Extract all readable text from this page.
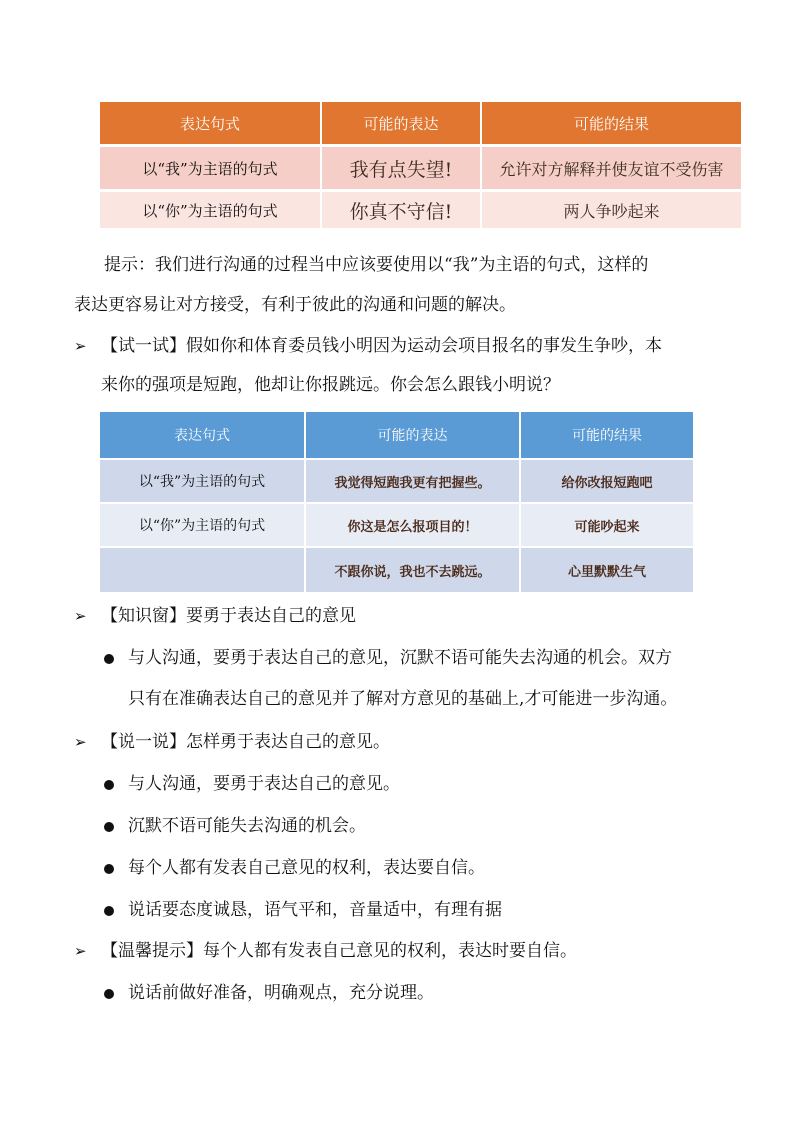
表达句式	可能的表达	可能的结果
以“我”为主语的句式	我有点失望!	允许对方解释并使友谊不受伤害
以“你”为主语的句式	你真不守信!	两人争吵起来
提示：我们进行沟通的过程当中应该要使用以“我”为主语的句式，这样的
表达更容易让对方接受，有利于彼此的沟通和问题的解决。
➢ 【试一试】假如你和体育委员钱小明因为运动会项目报名的事发生争吵，本
来你的强项是短跑，他却让你报跳远。你会怎么跟钱小明说？
表达句式	可能的表达	可能的结果
以“我”为主语的句式	我觉得短跑我更有把握些。	给你改报短跑吧
以“你”为主语的句式	你这是怎么报项目的！	可能吵起来
	不跟你说，我也不去跳远。	心里默默生气
➢ 【知识窗】要勇于表达自己的意见
与人沟通，要勇于表达自己的意见，沉默不语可能失去沟通的机会。双方
只有在准确表达自己的意见并了解对方意见的基础上,才可能进一步沟通。
➢ 【说一说】怎样勇于表达自己的意见。
与人沟通，要勇于表达自己的意见。
沉默不语可能失去沟通的机会。
每个人都有发表自己意见的权利，表达要自信。
说话要态度诚恳，语气平和，音量适中，有理有据
➢ 【温馨提示】每个人都有发表自己意见的权利，表达时要自信。
说话前做好准备，明确观点，充分说理。
